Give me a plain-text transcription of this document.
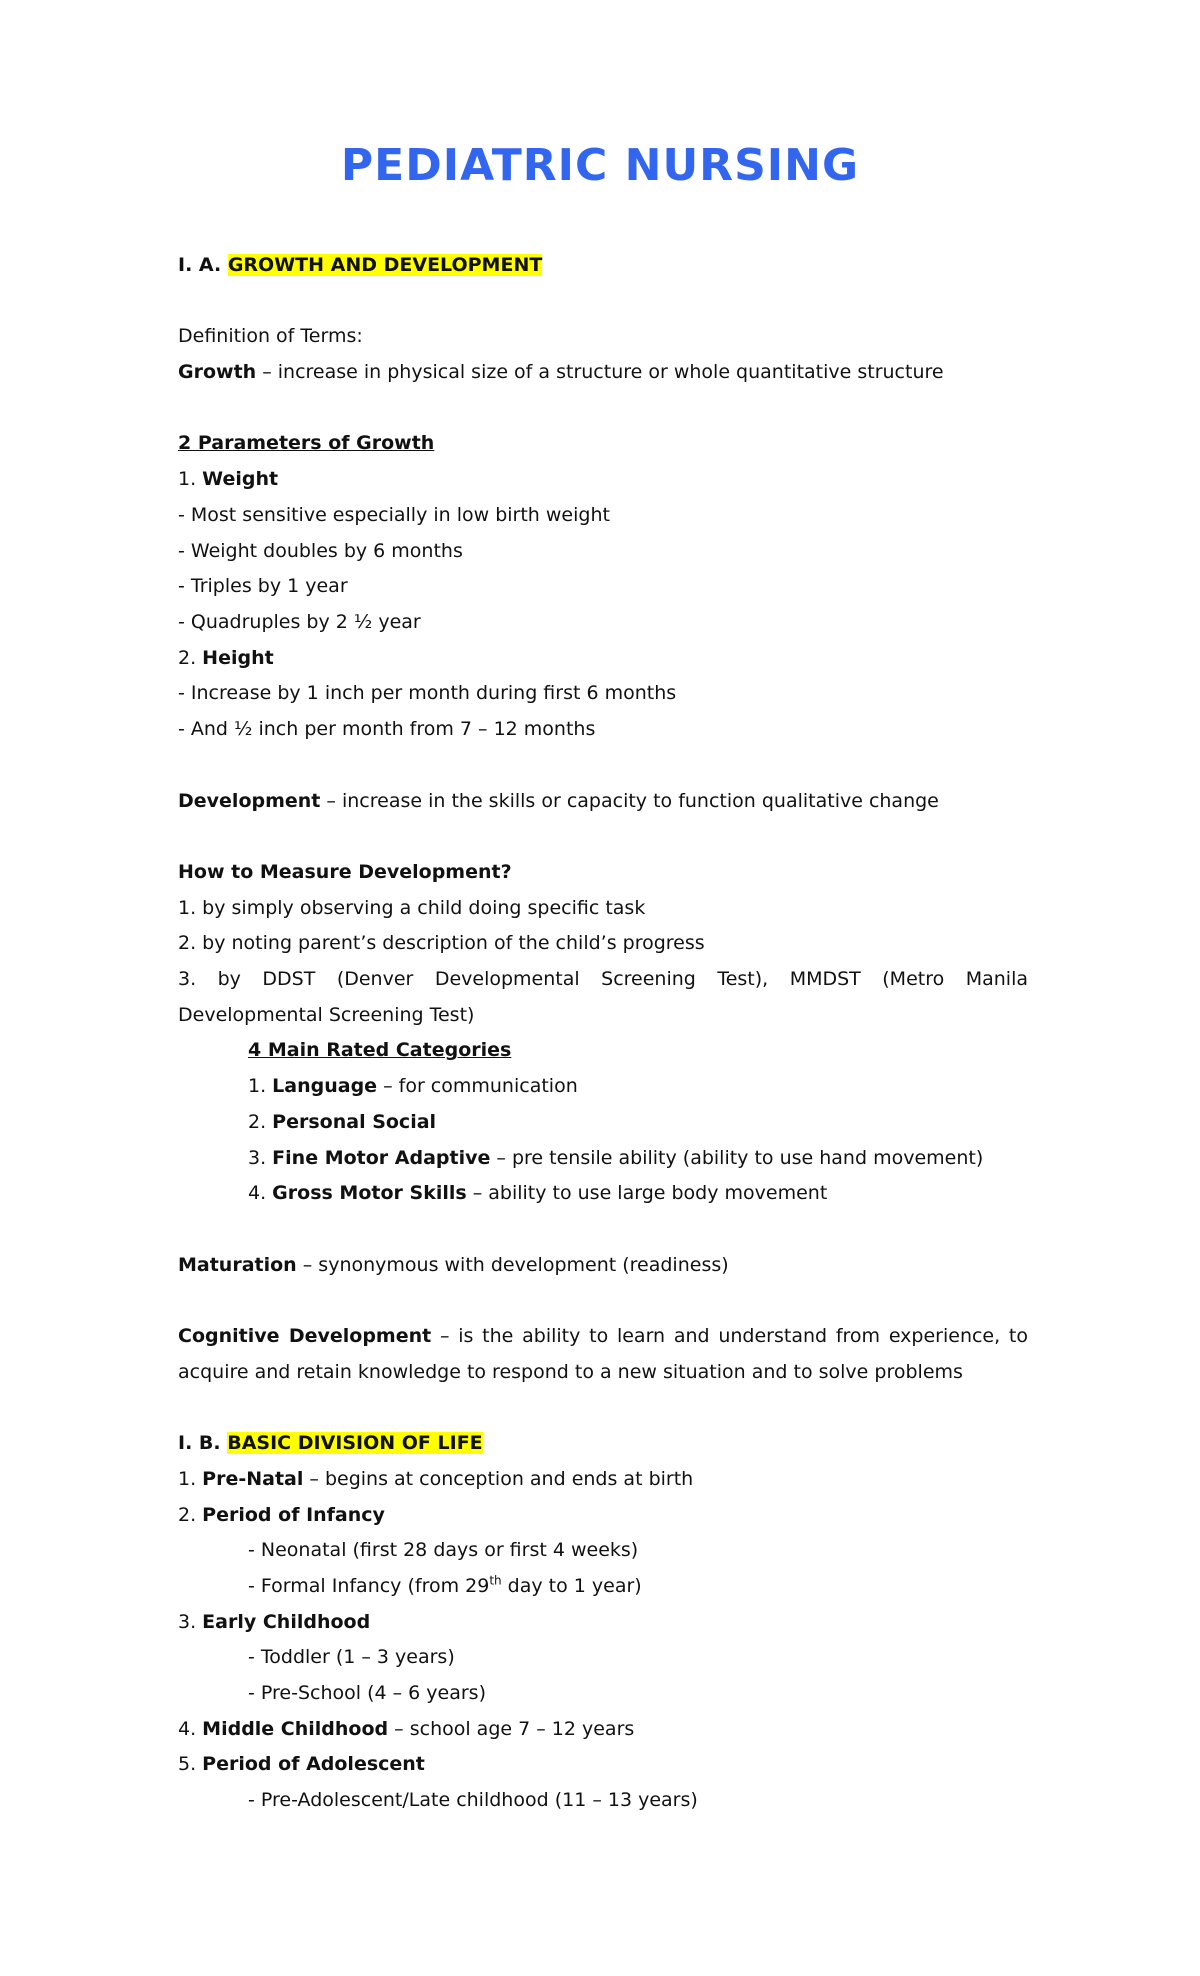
PEDIATRIC NURSING
I. A. GROWTH AND DEVELOPMENT
Definition of Terms:
Growth – increase in physical size of a structure or whole quantitative structure
2 Parameters of Growth
1. Weight
- Most sensitive especially in low birth weight
- Weight doubles by 6 months
- Triples by 1 year
- Quadruples by 2 ½ year
2. Height
- Increase by 1 inch per month during first 6 months
- And ½ inch per month from 7 – 12 months
Development – increase in the skills or capacity to function qualitative change
How to Measure Development?
1. by simply observing a child doing specific task
2. by noting parent’s description of the child’s progress
3. by DDST (Denver Developmental Screening Test), MMDST (Metro Manila Developmental Screening Test)
4 Main Rated Categories
1. Language – for communication
2. Personal Social
3. Fine Motor Adaptive – pre tensile ability (ability to use hand movement)
4. Gross Motor Skills – ability to use large body movement
Maturation – synonymous with development (readiness)
Cognitive Development – is the ability to learn and understand from experience, to acquire and retain knowledge to respond to a new situation and to solve problems
I. B. BASIC DIVISION OF LIFE
1. Pre-Natal – begins at conception and ends at birth
2. Period of Infancy
- Neonatal (first 28 days or first 4 weeks)
- Formal Infancy (from 29th day to 1 year)
3. Early Childhood
- Toddler (1 – 3 years)
- Pre-School (4 – 6 years)
4. Middle Childhood – school age 7 – 12 years
5. Period of Adolescent
- Pre-Adolescent/Late childhood (11 – 13 years)
